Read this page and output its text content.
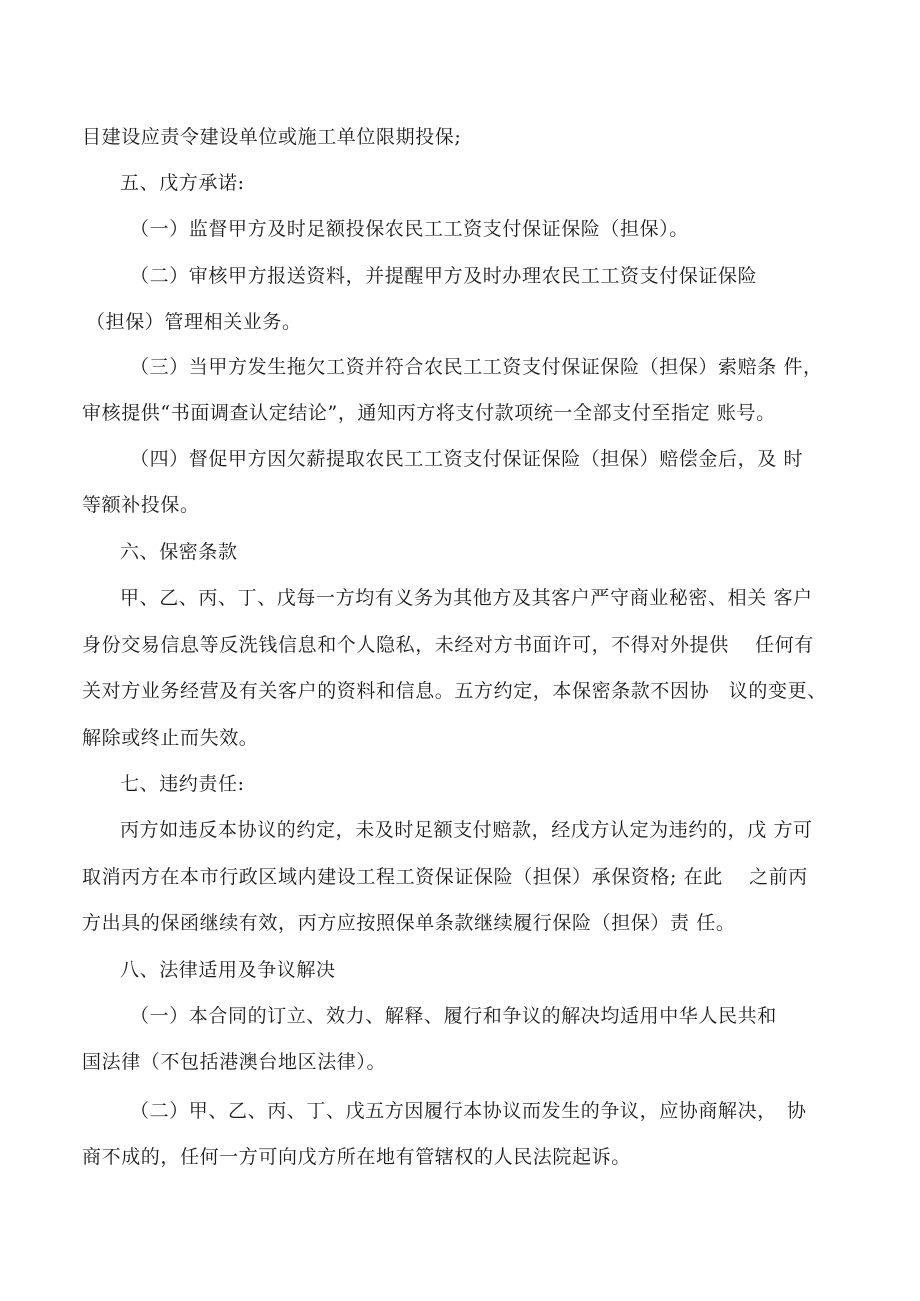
目建设应责令建设单位或施工单位限期投保;
五、戊方承诺:
（一）监督甲方及时足额投保农民工工资支付保证保险（担保）。
（二）审核甲方报送资料，并提醒甲方及时办理农民工工资支付保证保险
（担保）管理相关业务。
（三）当甲方发生拖欠工资并符合农民工工资支付保证保险（担保）索赔条 件，
审核提供“书面调查认定结论”，通知丙方将支付款项统一全部支付至指定 账号。
（四）督促甲方因欠薪提取农民工工资支付保证保险（担保）赔偿金后，及 时
等额补投保。
六、保密条款
甲、乙、丙、丁、戊每一方均有义务为其他方及其客户严守商业秘密、相关 客户
身份交易信息等反洗钱信息和个人隐私，未经对方书面许可，不得对外提供　 任何有
关对方业务经营及有关客户的资料和信息。五方约定，本保密条款不因协　议的变更、
解除或终止而失效。
七、违约责任:
丙方如违反本协议的约定，未及时足额支付赔款，经戊方认定为违约的，戊 方可
取消丙方在本市行政区域内建设工程工资保证保险（担保）承保资格; 在此　 之前丙
方出具的保函继续有效，丙方应按照保单条款继续履行保险（担保）责 任。
八、法律适用及争议解决
（一）本合同的订立、效力、解释、履行和争议的解决均适用中华人民共和
国法律（不包括港澳台地区法律）。
（二）甲、乙、丙、丁、戊五方因履行本协议而发生的争议，应协商解决，　协
商不成的，任何一方可向戊方所在地有管辖权的人民法院起诉。
